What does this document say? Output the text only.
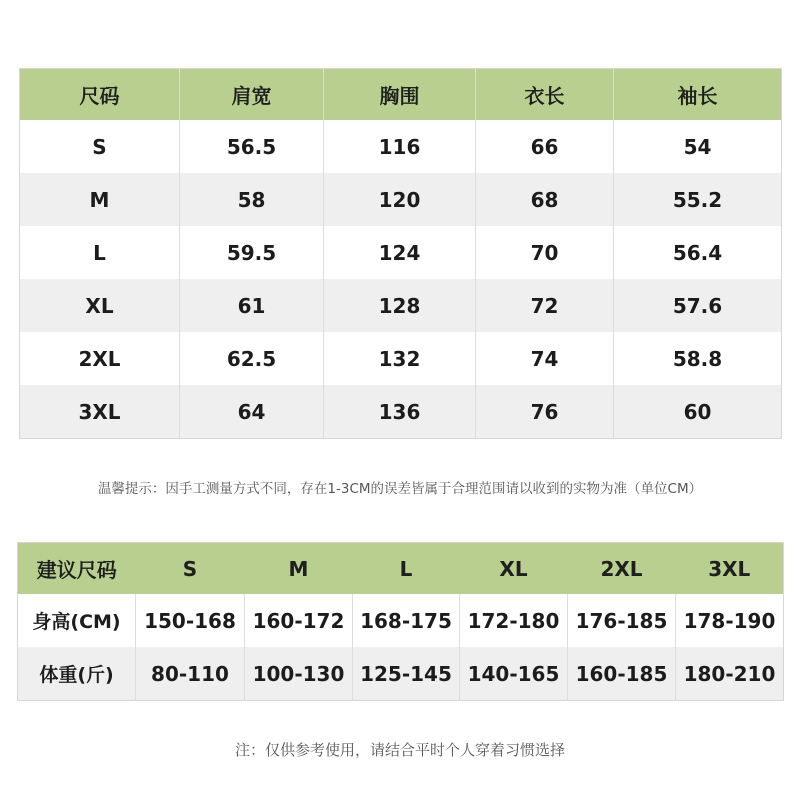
尺码	肩宽	胸围	衣长	袖长
S	56.5	116	66	54
M	58	120	68	55.2
L	59.5	124	70	56.4
XL	61	128	72	57.6
2XL	62.5	132	74	58.8
3XL	64	136	76	60
温馨提示：因手工测量方式不同，存在1-3CM的误差皆属于合理范围请以收到的实物为准（单位CM）
建议尺码	S	M	L	XL	2XL	3XL
身高(CM)	150-168	160-172	168-175	172-180	176-185	178-190
体重(斤)	80-110	100-130	125-145	140-165	160-185	180-210
注：仅供参考使用，请结合平时个人穿着习惯选择
